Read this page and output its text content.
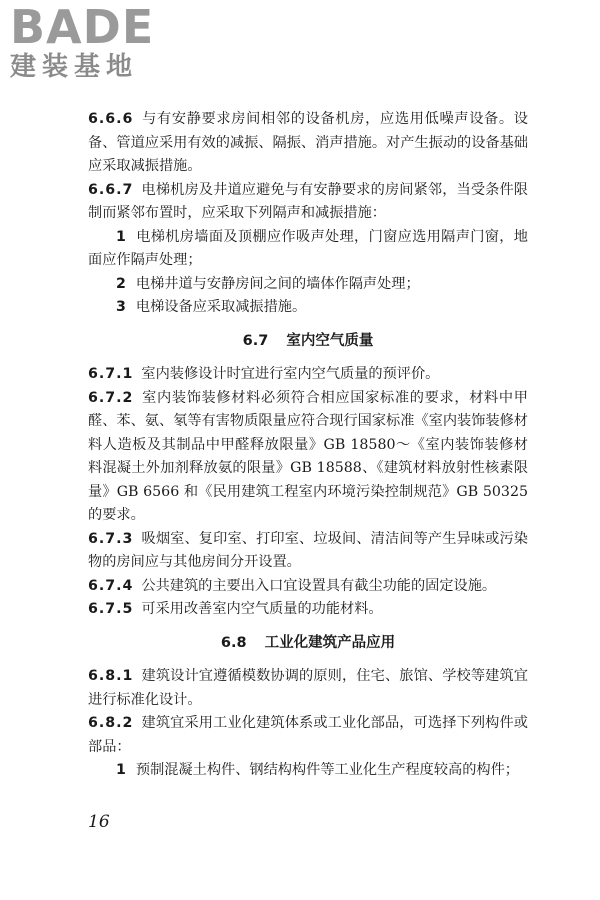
BADE
建装基地

6.6.6 与有安静要求房间相邻的设备机房，应选用低噪声设备。设备、管道应采用有效的减振、隔振、消声措施。对产生振动的设备基础应采取减振措施。

6.6.7 电梯机房及井道应避免与有安静要求的房间紧邻，当受条件限制而紧邻布置时，应采取下列隔声和减振措施：

1 电梯机房墙面及顶棚应作吸声处理，门窗应选用隔声门窗，地面应作隔声处理；

2 电梯井道与安静房间之间的墙体作隔声处理；

3 电梯设备应采取减振措施。

6.7 室内空气质量

6.7.1 室内装修设计时宜进行室内空气质量的预评价。

6.7.2 室内装饰装修材料必须符合相应国家标准的要求，材料中甲醛、苯、氨、氡等有害物质限量应符合现行国家标准《室内装饰装修材料人造板及其制品中甲醛释放限量》GB 18580～《室内装饰装修材料混凝土外加剂释放氨的限量》GB 18588、《建筑材料放射性核素限量》GB 6566 和《民用建筑工程室内环境污染控制规范》GB 50325 的要求。

6.7.3 吸烟室、复印室、打印室、垃圾间、清洁间等产生异味或污染物的房间应与其他房间分开设置。

6.7.4 公共建筑的主要出入口宜设置具有截尘功能的固定设施。

6.7.5 可采用改善室内空气质量的功能材料。

6.8 工业化建筑产品应用

6.8.1 建筑设计宜遵循模数协调的原则，住宅、旅馆、学校等建筑宜进行标准化设计。

6.8.2 建筑宜采用工业化建筑体系或工业化部品，可选择下列构件或部品：

1 预制混凝土构件、钢结构构件等工业化生产程度较高的构件；

16
